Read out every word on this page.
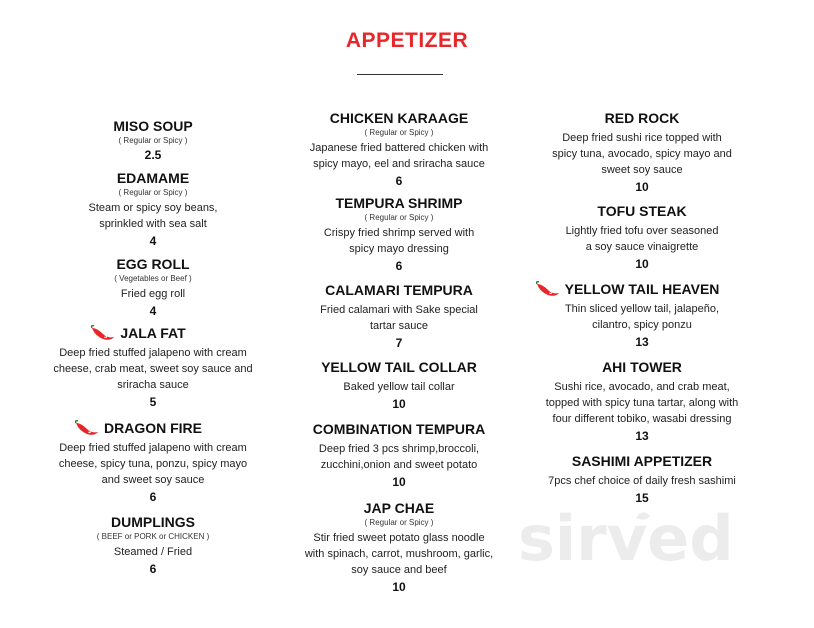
APPETIZER
sirved
MISO SOUP
( Regular or Spicy )
2.5
EDAMAME
( Regular or Spicy )
Steam or spicy soy beans,
sprinkled with sea salt
4
EGG ROLL
( Vegetables or Beef )
Fried egg roll
4
JALA FAT
3
Deep fried stuffed jalapeno with cream
cheese, crab meat, sweet soy sauce and
sriracha sauce
5
DRAGON FIRE
3
Deep fried stuffed jalapeno with cream
cheese, spicy tuna, ponzu, spicy mayo
and sweet soy sauce
6
DUMPLINGS
( BEEF or PORK or CHICKEN )
Steamed / Fried
6
CHICKEN KARAAGE
( Regular or Spicy )
Japanese fried battered chicken with
spicy mayo, eel and sriracha sauce
6
TEMPURA SHRIMP
( Regular or Spicy )
Crispy fried shrimp served with
spicy mayo dressing
6
CALAMARI TEMPURA
Fried calamari with Sake special
tartar sauce
7
YELLOW TAIL COLLAR
Baked yellow tail collar
10
COMBINATION TEMPURA
Deep fried 3 pcs shrimp,broccoli,
zucchini,onion and sweet potato
10
JAP CHAE
( Regular or Spicy )
Stir fried sweet potato glass noodle
with spinach, carrot, mushroom, garlic,
soy sauce and beef
10
RED ROCK
Deep fried sushi rice topped with
spicy tuna, avocado, spicy mayo and
sweet soy sauce
10
TOFU STEAK
Lightly fried tofu over seasoned
a soy sauce vinaigrette
10
YELLOW TAIL HEAVEN
3
Thin sliced yellow tail, jalapeño,
cilantro, spicy ponzu
13
AHI TOWER
Sushi rice, avocado, and crab meat,
topped with spicy tuna tartar, along with
four different tobiko, wasabi dressing
13
SASHIMI APPETIZER
7pcs chef choice of daily fresh sashimi
15
